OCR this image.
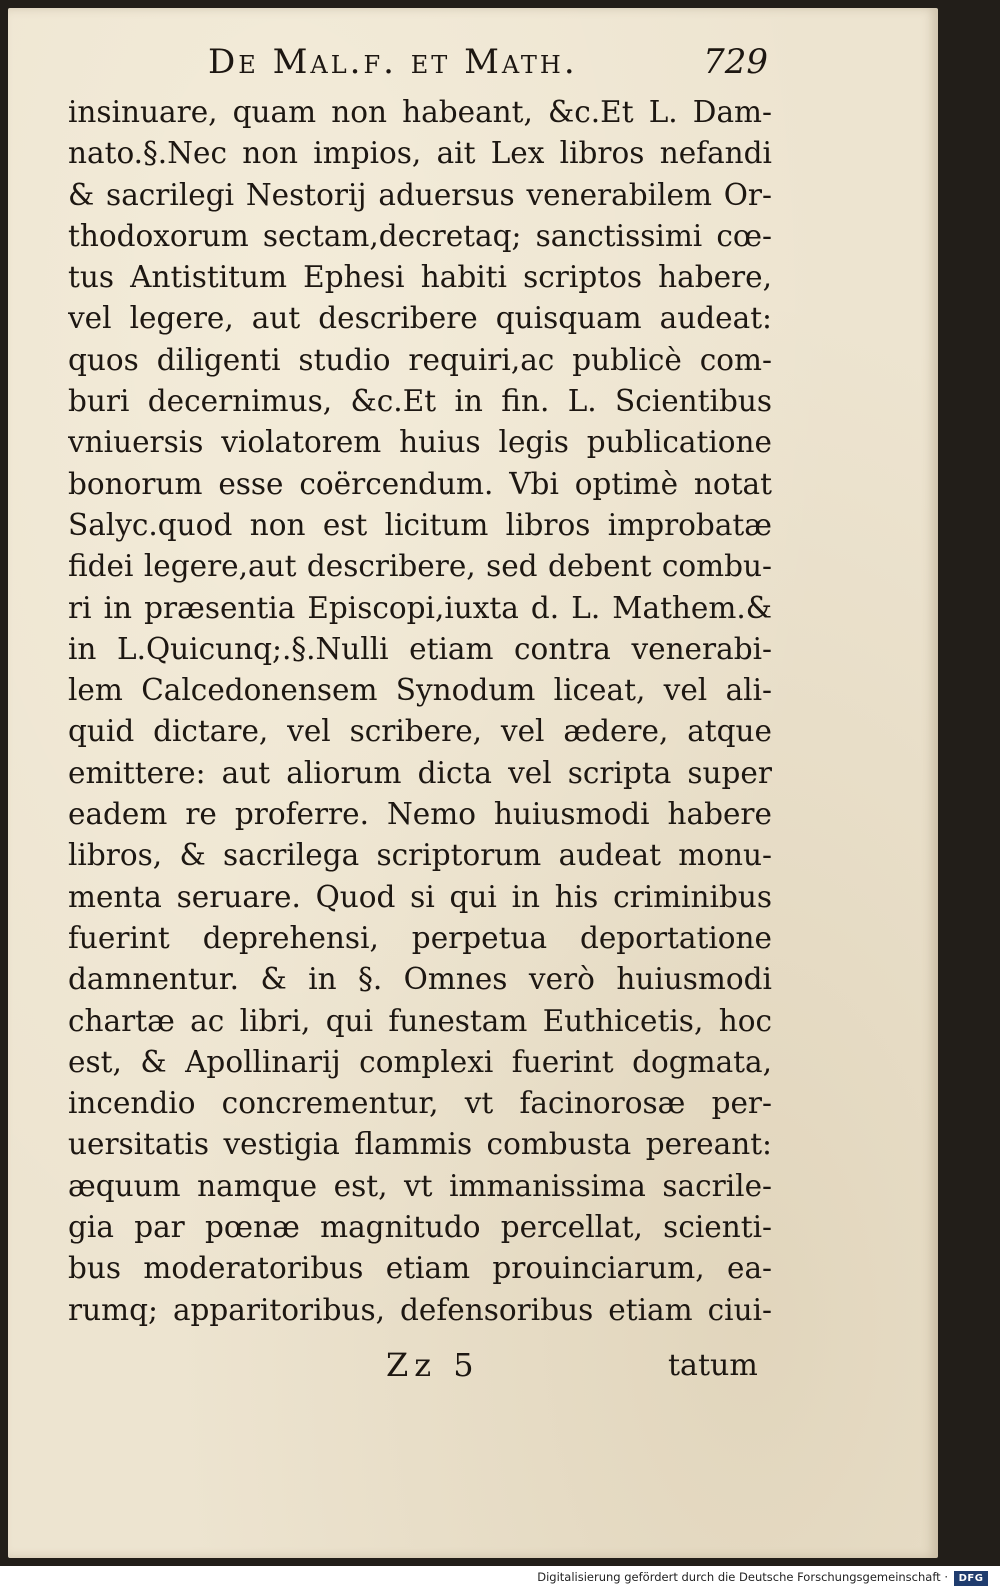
De Mal.f. et Math.	729
insinuare, quam non habeant, &c.Et L. Dam-
nato.§.Nec non impios, ait Lex libros nefandi
& sacrilegi Nestorij aduersus venerabilem Or-
thodoxorum sectam,decretaq; sanctissimi cœ-
tus Antistitum Ephesi habiti scriptos habere,
vel legere, aut describere quisquam audeat:
quos diligenti studio requiri,ac publicè com-
buri decernimus, &c.Et in fin. L. Scientibus
vniuersis violatorem huius legis publicatione
bonorum esse coërcendum. Vbi optimè notat
Salyc.quod non est licitum libros improbatæ
fidei legere,aut describere, sed debent combu-
ri in præsentia Episcopi,iuxta d. L. Mathem.&
in L.Quicunq;.§.Nulli etiam contra venerabi-
lem Calcedonensem Synodum liceat, vel ali-
quid dictare, vel scribere, vel ædere, atque
emittere: aut aliorum dicta vel scripta super
eadem re proferre. Nemo huiusmodi habere
libros, & sacrilega scriptorum audeat monu-
menta seruare. Quod si qui in his criminibus
fuerint deprehensi, perpetua deportatione
damnentur. & in §. Omnes verò huiusmodi
chartæ ac libri, qui funestam Euthicetis, hoc
est, & Apollinarij complexi fuerint dogmata,
incendio concrementur, vt facinorosæ per-
uersitatis vestigia flammis combusta pereant:
æquum namque est, vt immanissima sacrile-
gia par pœnæ magnitudo percellat, scienti-
bus moderatoribus etiam prouinciarum, ea-
rumq; apparitoribus, defensoribus etiam ciui-
Zz 5	tatum
Digitalisierung gefördert durch die Deutsche Forschungsgemeinschaft ·	DFG
